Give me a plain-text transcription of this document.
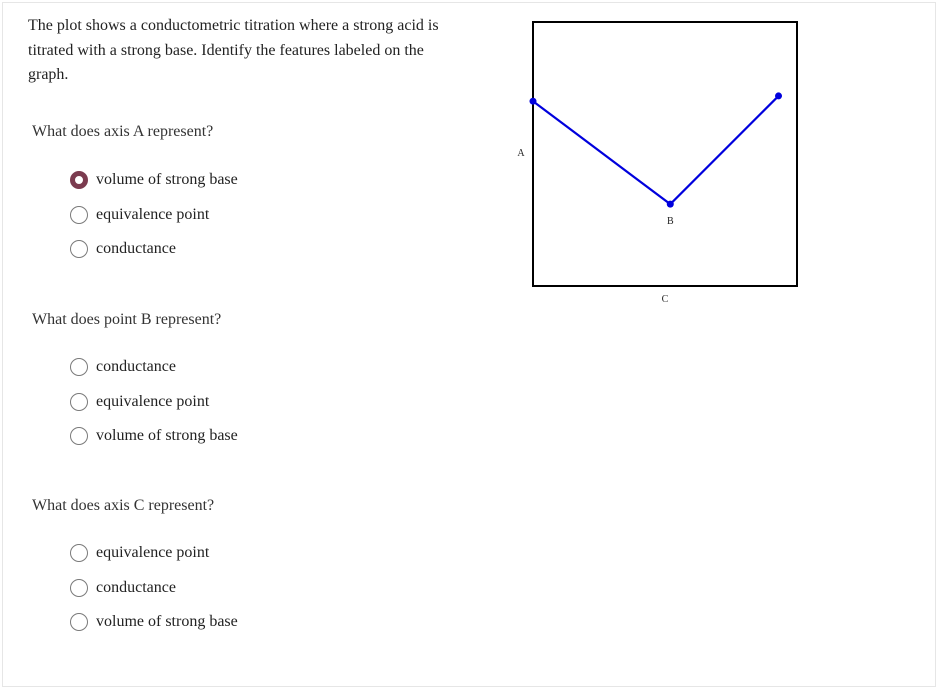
The plot shows a conductometric titration where a strong acid is titrated with a strong base. Identify the features labeled on the graph.

What does axis A represent?

volume of strong base
equivalence point
conductance

What does point B represent?

conductance
equivalence point
volume of strong base

What does axis C represent?

equivalence point
conductance
volume of strong base
A
B
C
